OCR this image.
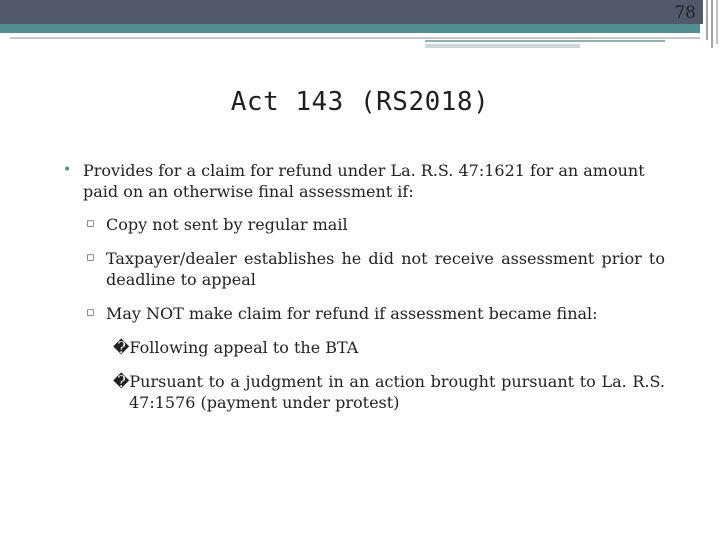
78
Act 143 (RS2018)
• Provides for a claim for refund under La. R.S. 47:1621 for an amount paid on an otherwise final assessment if:
▫ Copy not sent by regular mail
▫ Taxpayer/dealer establishes he did not receive assessment prior to deadline to appeal
▫ May NOT make claim for refund if assessment became final:
�Following appeal to the BTA
�Pursuant to a judgment in an action brought pursuant to La. R.S. 47:1576 (payment under protest)
